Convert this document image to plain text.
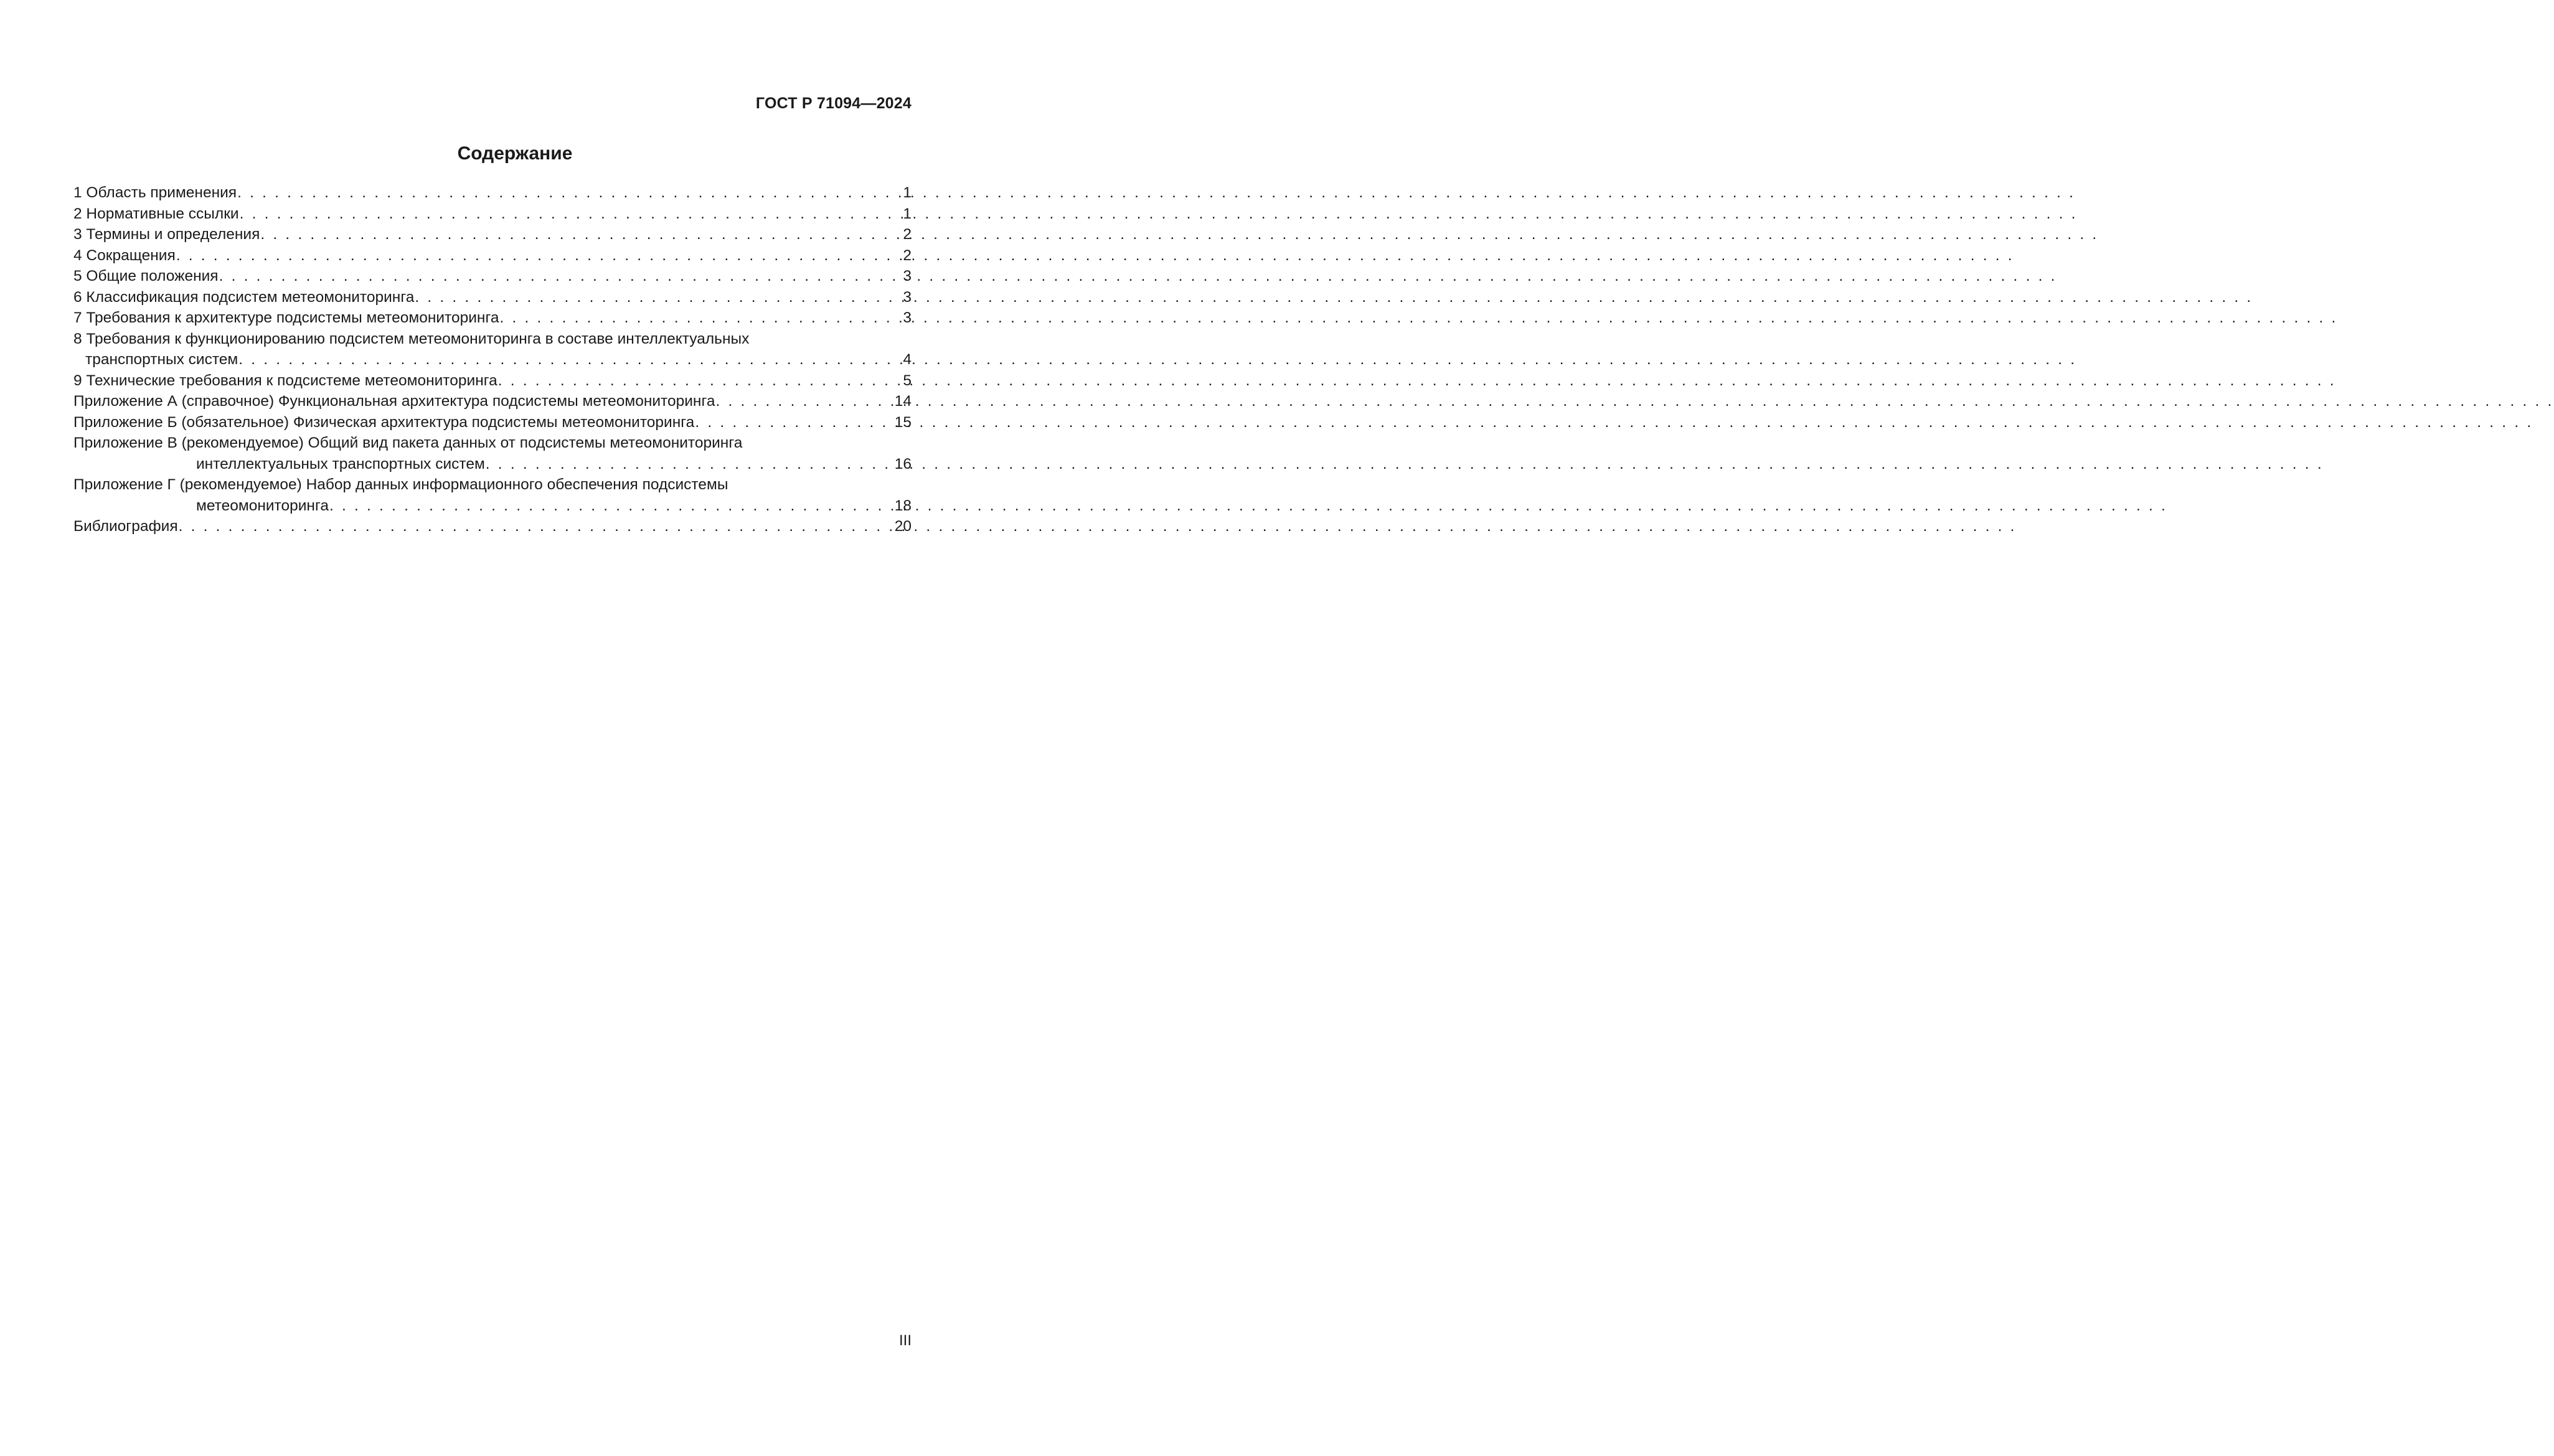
ГОСТ Р 71094—2024
Содержание
1 Область применения . . .	1
2 Нормативные ссылки . . .	1
3 Термины и определения . . .	2
4 Сокращения . . .	2
5 Общие положения . . .	3
6 Классификация подсистем метеомониторинга . . .	3
7 Требования к архитектуре подсистемы метеомониторинга . . .	3
8 Требования к функционированию подсистем метеомониторинга в составе интеллектуальных
транспортных систем . . .	4
9 Технические требования к подсистеме метеомониторинга . . .	5
Приложение А (справочное) Функциональная архитектура подсистемы метеомониторинга . . .	14
Приложение Б (обязательное) Физическая архитектура подсистемы метеомониторинга . . .	15
Приложение В (рекомендуемое) Общий вид пакета данных от подсистемы метеомониторинга
интеллектуальных транспортных систем . . .	16
Приложение Г (рекомендуемое) Набор данных информационного обеспечения подсистемы
метеомониторинга . . .	18
Библиография . . .	20
III
